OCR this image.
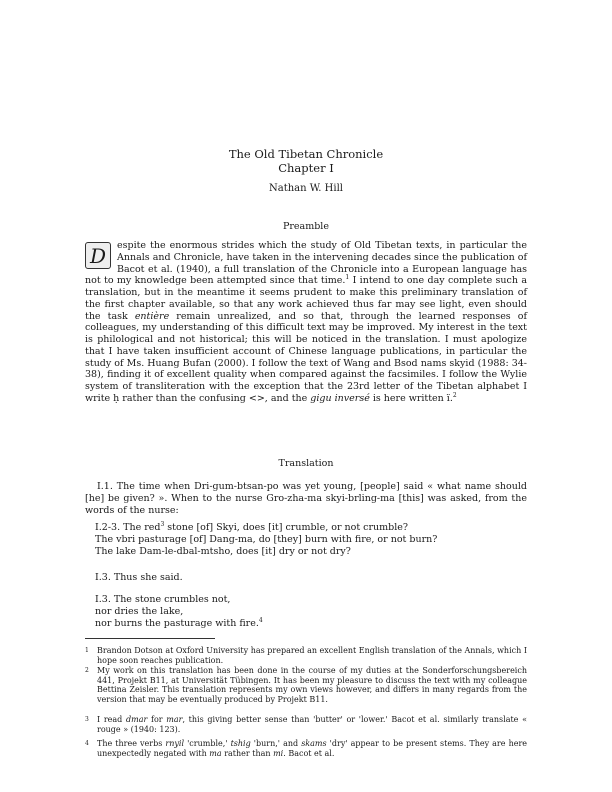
The Old Tibetan Chronicle
Chapter I
Nathan W. Hill
Preamble

D	espite the enormous strides which the study of Old Tibetan texts, in particular the Annals and Chronicle, have taken in the intervening decades since the publication of Bacot et al. (1940), a full translation of the Chronicle into a European language has not to my knowledge been attempted since that time.$^1$ I intend to one day complete such a translation, but in the meantime it seems prudent to make this preliminary translation of the first chapter available, so that any work achieved thus far may see light, even should the task entière remain unrealized, and so that, through the learned responses of colleagues, my understanding of this difficult text may be improved. My interest in the text is philological and not historical; this will be noticed in the translation. I must apologize that I have taken insufficient account of Chinese language publications, in particular the study of Ms. Huang Bufan (2000). I follow the text of Wang and Bsod nams skyid (1988: 34-38), finding it of excellent quality when compared against the facsimiles. I follow the Wylie system of transliteration with the exception that the 23rd letter of the Tibetan alphabet I write ḥ rather than the confusing <>, and the gigu inversé is here written ï.$^2$

Translation
I.1. The time when Dri-gum-btsan-po was yet young, [people] said « what name should [he] be given? ». When to the nurse Gro-zha-ma skyi-brling-ma [this] was asked, from the words of the nurse:
I.2-3. The red$^3$ stone [of] Skyi, does [it] crumble, or not crumble?
The vbri pasturage [of] Dang-ma, do [they] burn with fire, or not burn?
The lake Dam-le-dbal-mtsho, does [it] dry or not dry?
I.3. Thus she said.
I.3. The stone crumbles not,
nor dries the lake,
nor burns the pasturage with fire.$^4$
1 Brandon Dotson at Oxford University has prepared an excellent English translation of the Annals, which I hope soon reaches publication.
2 My work on this translation has been done in the course of my duties at the Sonderforschungsbereich 441, Projekt B11, at Universität Tübingen. It has been my pleasure to discuss the text with my colleague Bettina Zeisler. This translation represents my own views however, and differs in many regards from the version that may be eventually produced by Projekt B11.
3 I read dmar for mar, this giving better sense than 'butter' or 'lower.' Bacot et al. similarly translate « rouge » (1940: 123).
4 The three verbs rnyil 'crumble,' tshig 'burn,' and skams 'dry' appear to be present stems. They are here unexpectedly negated with ma rather than mi. Bacot et al.
